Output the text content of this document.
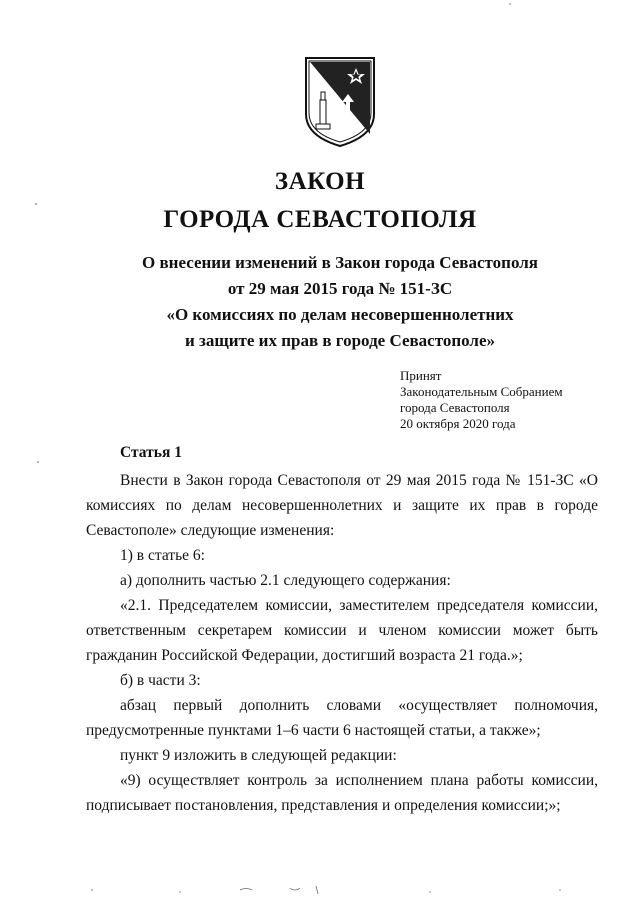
ЗАКОН
ГОРОДА СЕВАСТОПОЛЯ
О внесении изменений в Закон города Севастополя
от 29 мая 2015 года № 151-ЗС
«О комиссиях по делам несовершеннолетних
и защите их прав в городе Севастополе»
Принят
Законодательным Собранием
города Севастополя
20 октября 2020 года
Статья 1

Внести в Закон города Севастополя от 29 мая 2015 года № 151-ЗС «О комиссиях по делам несовершеннолетних и защите их прав в городе Севастополе» следующие изменения:

1) в статье 6:

а) дополнить частью 2.1 следующего содержания:

«2.1. Председателем комиссии, заместителем председателя комиссии, ответственным секретарем комиссии и членом комиссии может быть гражданин Российской Федерации, достигший возраста 21 года.»;

б) в части 3:

абзац первый дополнить словами «осуществляет полномочия, предусмотренные пунктами 1–6 части 6 настоящей статьи, а также»;

пункт 9 изложить в следующей редакции:

«9) осуществляет контроль за исполнением плана работы комиссии, подписывает постановления, представления и определения комиссии;»;
